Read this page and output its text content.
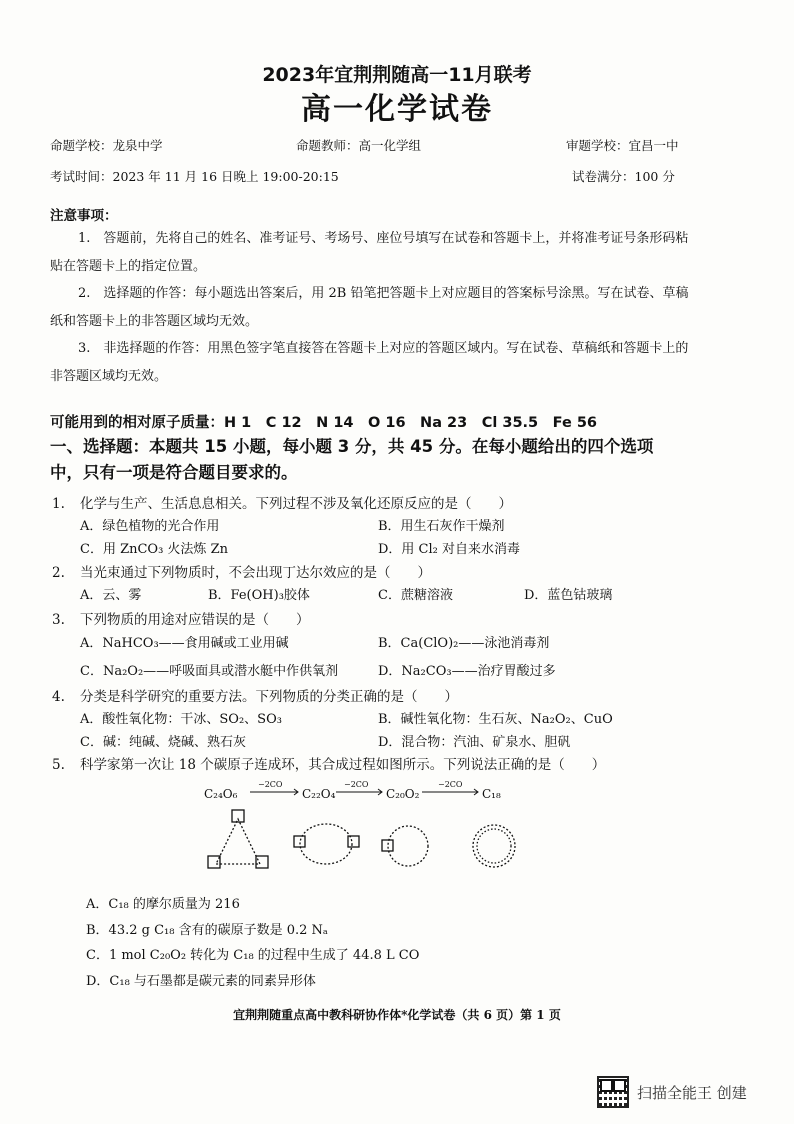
2023年宜荆荆随高一11月联考
高一化学试卷
命题学校：龙泉中学	命题教师：高一化学组	审题学校：宜昌一中
考试时间：2023 年 11 月 16 日晚上 19:00-20:15	试卷满分：100 分
注意事项：
1.　答题前，先将自己的姓名、准考证号、考场号、座位号填写在试卷和答题卡上，并将准考证号条形码粘贴在答题卡上的指定位置。
2.　选择题的作答：每小题选出答案后，用 2B 铅笔把答题卡上对应题目的答案标号涂黑。写在试卷、草稿纸和答题卡上的非答题区域均无效。
3.　非选择题的作答：用黑色签字笔直接答在答题卡上对应的答题区域内。写在试卷、草稿纸和答题卡上的非答题区域均无效。
可能用到的相对原子质量：H 1　C 12　N 14　O 16　Na 23　Cl 35.5　Fe 56
一、选择题：本题共 15 小题，每小题 3 分，共 45 分。在每小题给出的四个选项中，只有一项是符合题目要求的。
1. 化学与生产、生活息息相关。下列过程不涉及氧化还原反应的是（　　）
A．绿色植物的光合作用	B．用生石灰作干燥剂
C．用 ZnCO₃ 火法炼 Zn	D．用 Cl₂ 对自来水消毒
2. 当光束通过下列物质时，不会出现丁达尔效应的是（　　）
A．云、雾	B．Fe(OH)₃胶体	C．蔗糖溶液	D．蓝色钴玻璃
3. 下列物质的用途对应错误的是（　　）
A．NaHCO₃——食用碱或工业用碱	B．Ca(ClO)₂——泳池消毒剂
C．Na₂O₂——呼吸面具或潜水艇中作供氧剂	D．Na₂CO₃——治疗胃酸过多
4. 分类是科学研究的重要方法。下列物质的分类正确的是（　　）
A．酸性氧化物：干冰、SO₂、SO₃	B．碱性氧化物：生石灰、Na₂O₂、CuO
C．碱：纯碱、烧碱、熟石灰	D．混合物：汽油、矿泉水、胆矾
5. 科学家第一次让 18 个碳原子连成环，其合成过程如图所示。下列说法正确的是（　　）
C₂₄O₆	C₂₂O₄	C₂₀O₂	C₁₈
−2CO	−2CO	−2CO
A．C₁₈ 的摩尔质量为 216
B．43.2 g C₁₈ 含有的碳原子数是 0.2 Nₐ
C．1 mol C₂₀O₂ 转化为 C₁₈ 的过程中生成了 44.8 L CO
D．C₁₈ 与石墨都是碳元素的同素异形体
宜荆荆随重点高中教科研协作体*化学试卷（共 6 页）第 1 页
扫描全能王 创建
